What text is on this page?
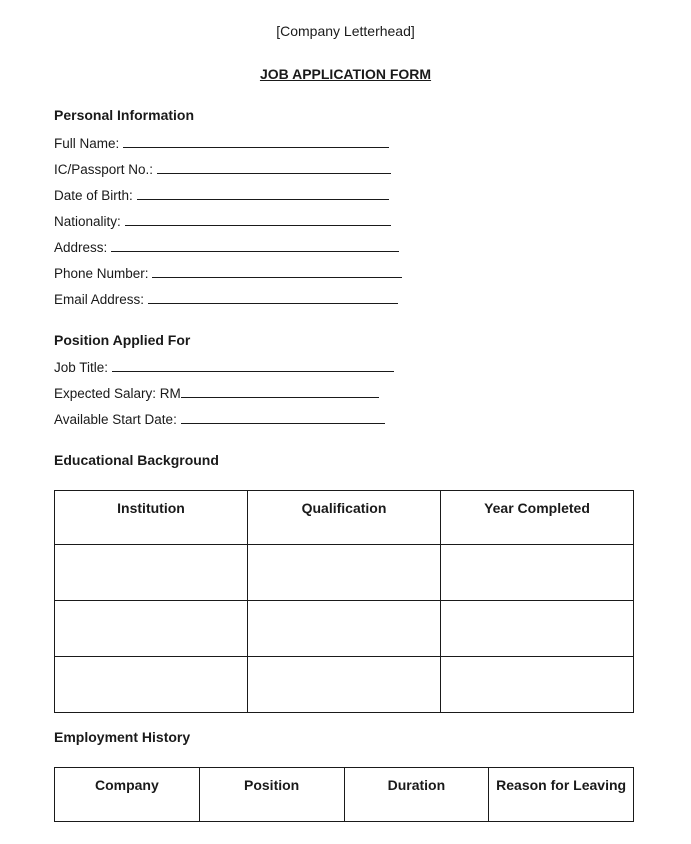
[Company Letterhead]
JOB APPLICATION FORM
Personal Information
Full Name:
IC/Passport No.:
Date of Birth:
Nationality:
Address:
Phone Number:
Email Address:
Position Applied For
Job Title:
Expected Salary: RM
Available Start Date:
Educational Background
Institution	Qualification	Year Completed

Employment History
Company	Position	Duration	Reason for Leaving
